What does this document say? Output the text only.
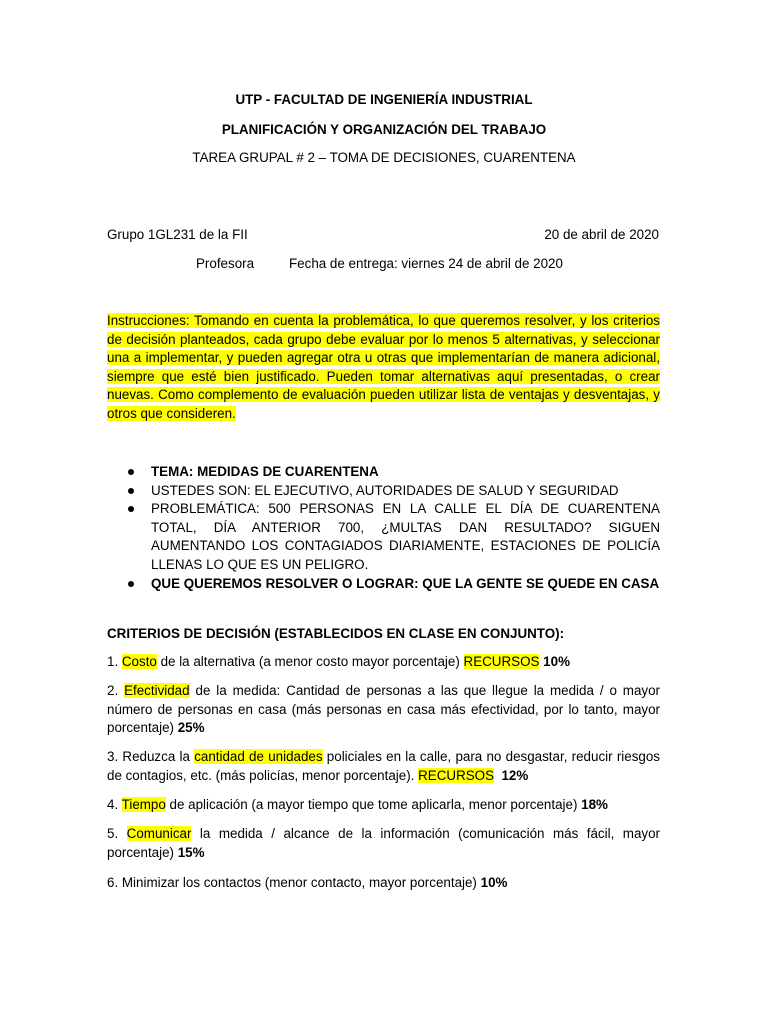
UTP - FACULTAD DE INGENIERÍA INDUSTRIAL
PLANIFICACIÓN Y ORGANIZACIÓN DEL TRABAJO
TAREA GRUPAL # 2 – TOMA DE DECISIONES, CUARENTENA
Grupo 1GL231 de la FII	20 de abril de 2020
Profesora	Fecha de entrega: viernes 24 de abril de 2020
Instrucciones: Tomando en cuenta la problemática, lo que queremos resolver, y los criterios de decisión planteados, cada grupo debe evaluar por lo menos 5 alternativas, y seleccionar una a implementar, y pueden agregar otra u otras que implementarían de manera adicional, siempre que esté bien justificado. Pueden tomar alternativas aquí presentadas, o crear nuevas. Como complemento de evaluación pueden utilizar lista de ventajas y desventajas, y otros que consideren.
TEMA: MEDIDAS DE CUARENTENA
USTEDES SON: EL EJECUTIVO, AUTORIDADES DE SALUD Y SEGURIDAD
PROBLEMÁTICA: 500 PERSONAS EN LA CALLE EL DÍA DE CUARENTENA TOTAL, DÍA ANTERIOR 700, ¿MULTAS DAN RESULTADO? SIGUEN AUMENTANDO LOS CONTAGIADOS DIARIAMENTE, ESTACIONES DE POLICÍA LLENAS LO QUE ES UN PELIGRO.
QUE QUEREMOS RESOLVER O LOGRAR: QUE LA GENTE SE QUEDE EN CASA
CRITERIOS DE DECISIÓN (ESTABLECIDOS EN CLASE EN CONJUNTO):
1. Costo de la alternativa (a menor costo mayor porcentaje) RECURSOS 10%
2. Efectividad de la medida: Cantidad de personas a las que llegue la medida / o mayor número de personas en casa (más personas en casa más efectividad, por lo tanto, mayor porcentaje) 25%
3. Reduzca la cantidad de unidades policiales en la calle, para no desgastar, reducir riesgos de contagios, etc. (más policías, menor porcentaje). RECURSOS 12%
4. Tiempo de aplicación (a mayor tiempo que tome aplicarla, menor porcentaje) 18%
5. Comunicar la medida / alcance de la información (comunicación más fácil, mayor porcentaje) 15%
6. Minimizar los contactos (menor contacto, mayor porcentaje) 10%
